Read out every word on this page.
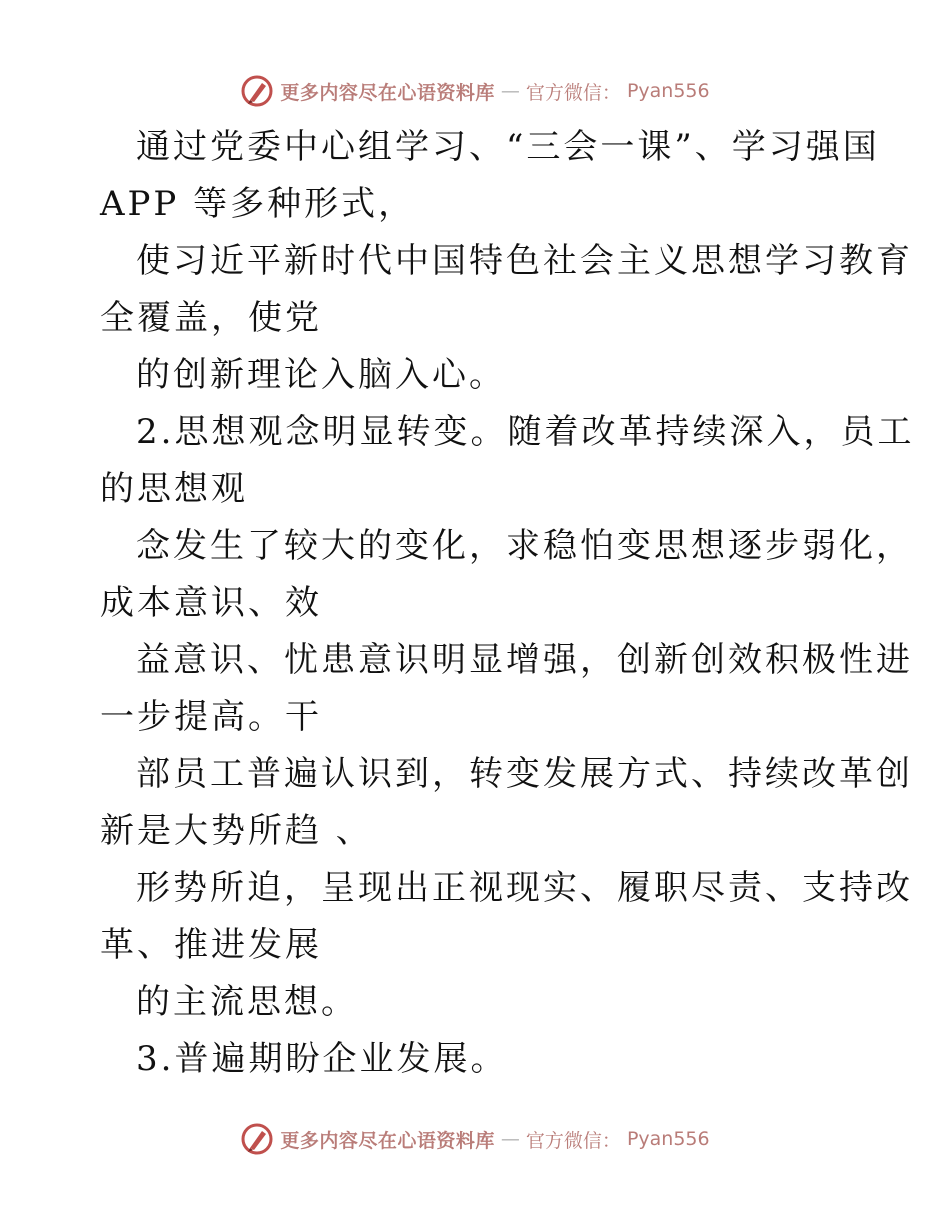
更多内容尽在心语资料库 — 官方微信： Pyan556
通过党委中心组学习、“三会一课”、学习强国
APP 等多种形式，
使习近平新时代中国特色社会主义思想学习教育
全覆盖，使党
的创新理论入脑入心。
2.思想观念明显转变。随着改革持续深入，员工
的思想观
念发生了较大的变化，求稳怕变思想逐步弱化，
成本意识、效
益意识、忧患意识明显增强，创新创效积极性进
一步提高。干
部员工普遍认识到，转变发展方式、持续改革创
新是大势所趋 、
形势所迫，呈现出正视现实、履职尽责、支持改
革、推进发展
的主流思想。
3.普遍期盼企业发展。
更多内容尽在心语资料库 — 官方微信： Pyan556
